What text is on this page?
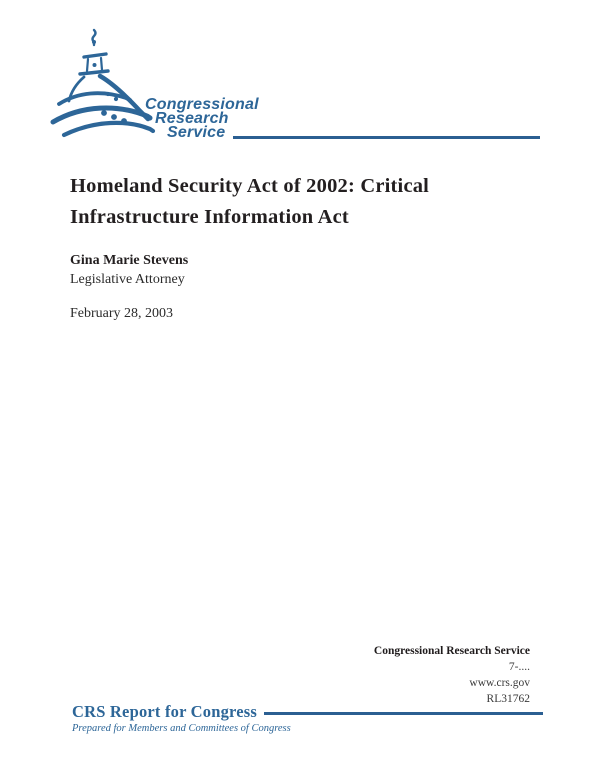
Congressional
Research
Service
Homeland Security Act of 2002: Critical
Infrastructure Information Act
Gina Marie Stevens
Legislative Attorney
February 28, 2003
Congressional Research Service
7-....
www.crs.gov
RL31762
CRS Report for Congress
Prepared for Members and Committees of Congress
